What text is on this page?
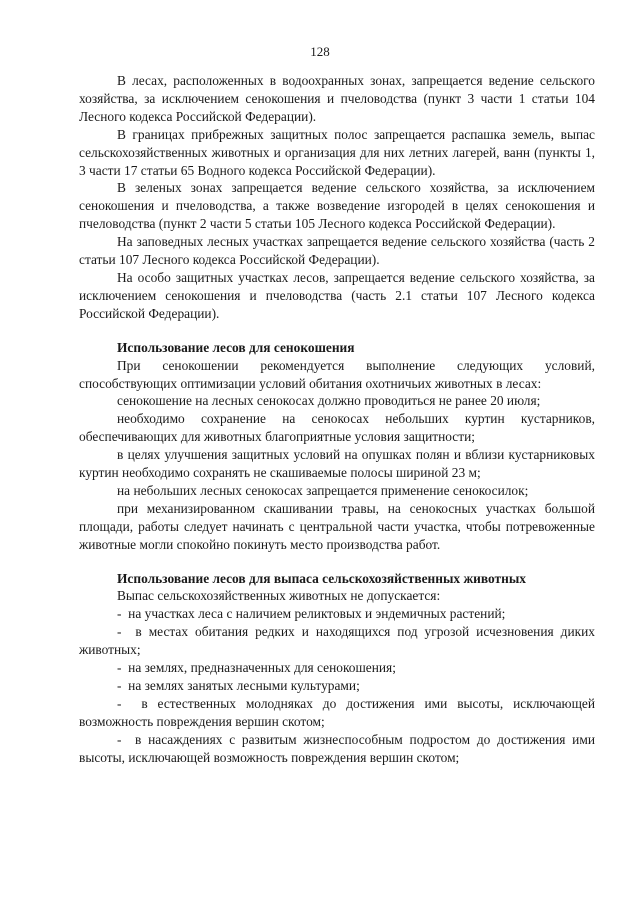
128

В лесах, расположенных в водоохранных зонах, запрещается ведение сельского хозяйства, за исключением сенокошения и пчеловодства (пункт 3 части 1 статьи 104 Лесного кодекса Российской Федерации).

В границах прибрежных защитных полос запрещается распашка земель, выпас сельскохозяйственных животных и организация для них летних лагерей, ванн (пункты 1, 3 части 17 статьи 65 Водного кодекса Российской Федерации).

В зеленых зонах запрещается ведение сельского хозяйства, за исключением сенокошения и пчеловодства, а также возведение изгородей в целях сенокошения и пчеловодства (пункт 2 части 5 статьи 105 Лесного кодекса Российской Федерации).

На заповедных лесных участках запрещается ведение сельского хозяйства (часть 2 статьи 107 Лесного кодекса Российской Федерации).

На особо защитных участках лесов, запрещается ведение сельского хозяйства, за исключением сенокошения и пчеловодства (часть 2.1 статьи 107 Лесного кодекса Российской Федерации).

Использование лесов для сенокошения

При сенокошении рекомендуется выполнение следующих условий, способствующих оптимизации условий обитания охотничьих животных в лесах:

сенокошение на лесных сенокосах должно проводиться не ранее 20 июля;

необходимо сохранение на сенокосах небольших куртин кустарников, обеспечивающих для животных благоприятные условия защитности;

в целях улучшения защитных условий на опушках полян и вблизи кустарниковых куртин необходимо сохранять не скашиваемые полосы шириной 23 м;

на небольших лесных сенокосах запрещается применение сенокосилок;

при механизированном скашивании травы, на сенокосных участках большой площади, работы следует начинать с центральной части участка, чтобы потревоженные животные могли спокойно покинуть место производства работ.

Использование лесов для выпаса сельскохозяйственных животных

Выпас сельскохозяйственных животных не допускается:

- на участках леса с наличием реликтовых и эндемичных растений;

- в местах обитания редких и находящихся под угрозой исчезновения диких животных;

- на землях, предназначенных для сенокошения;

- на землях занятых лесными культурами;

- в естественных молодняках до достижения ими высоты, исключающей возможность повреждения вершин скотом;

- в насаждениях с развитым жизнеспособным подростом до достижения ими высоты, исключающей возможность повреждения вершин скотом;
